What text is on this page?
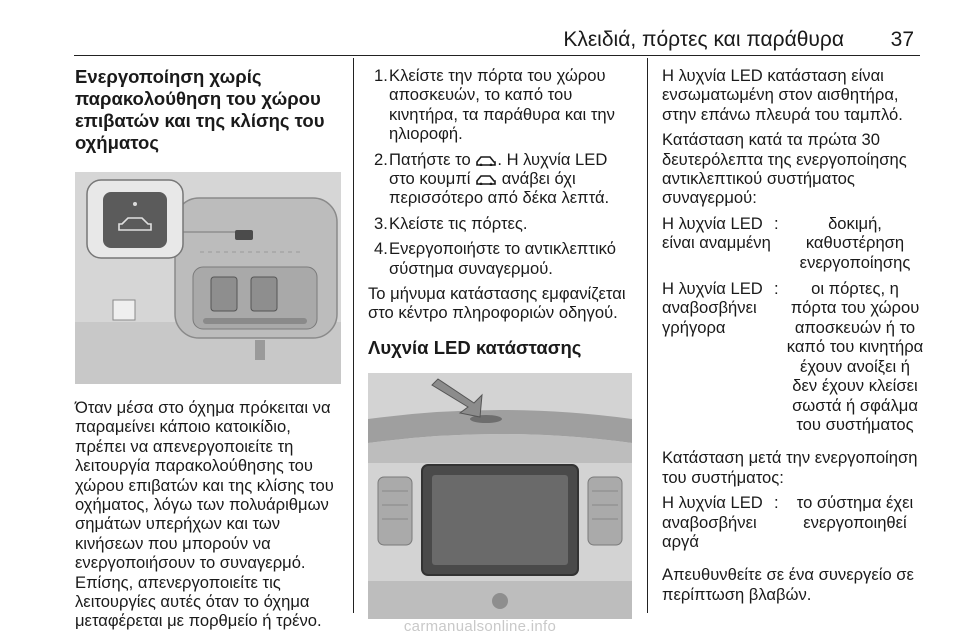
Κλειδιά, πόρτες και παράθυρα 37
Ενεργοποίηση χωρίς παρακολούθηση του χώρου επιβατών και της κλίσης του οχήματος

Όταν μέσα στο όχημα πρόκειται να παραμείνει κάποιο κατοικίδιο, πρέπει να απενεργοποιείτε τη λειτουργία παρακολούθησης του χώρου επιβατών και της κλίσης του οχήματος, λόγω των πολυάριθμων σημάτων υπερήχων και των κινήσεων που μπορούν να ενεργοποιήσουν το συναγερμό. Επίσης, απενεργοποιείτε τις λειτουργίες αυτές όταν το όχημα μεταφέρεται με πορθμείο ή τρένο.

1. Κλείστε την πόρτα του χώρου αποσκευών, το καπό του κινητήρα, τα παράθυρα και την ηλιοροφή.
2. Πατήστε το . Η λυχνία LED στο κουμπί ανάβει όχι περισσότερο από δέκα λεπτά.
3. Κλείστε τις πόρτες.
4. Ενεργοποιήστε το αντικλεπτικό σύστημα συναγερμού.

Το μήνυμα κατάστασης εμφανίζεται στο κέντρο πληροφοριών οδηγού.

Λυχνία LED κατάστασης

Η λυχνία LED κατάσταση είναι ενσωματωμένη στον αισθητήρα, στην επάνω πλευρά του ταμπλό.

Κατάσταση κατά τα πρώτα 30 δευτερόλεπτα της ενεργοποίησης αντικλεπτικού συστήματος συναγερμού:

Η λυχνία LED είναι αναμμένη
:	δοκιμή, καθυστέρηση ενεργοποίησης
Η λυχνία LED αναβοσβήνει γρήγορα
:	οι πόρτες, η πόρτα του χώρου αποσκευών ή το καπό του κινητήρα έχουν ανοίξει ή δεν έχουν κλείσει σωστά ή σφάλμα του συστήματος

Κατάσταση μετά την ενεργοποίηση του συστήματος:

Η λυχνία LED αναβοσβήνει αργά
:	το σύστημα έχει ενεργοποιηθεί

Απευθυνθείτε σε ένα συνεργείο σε περίπτωση βλαβών.

carmanualsonline.info
